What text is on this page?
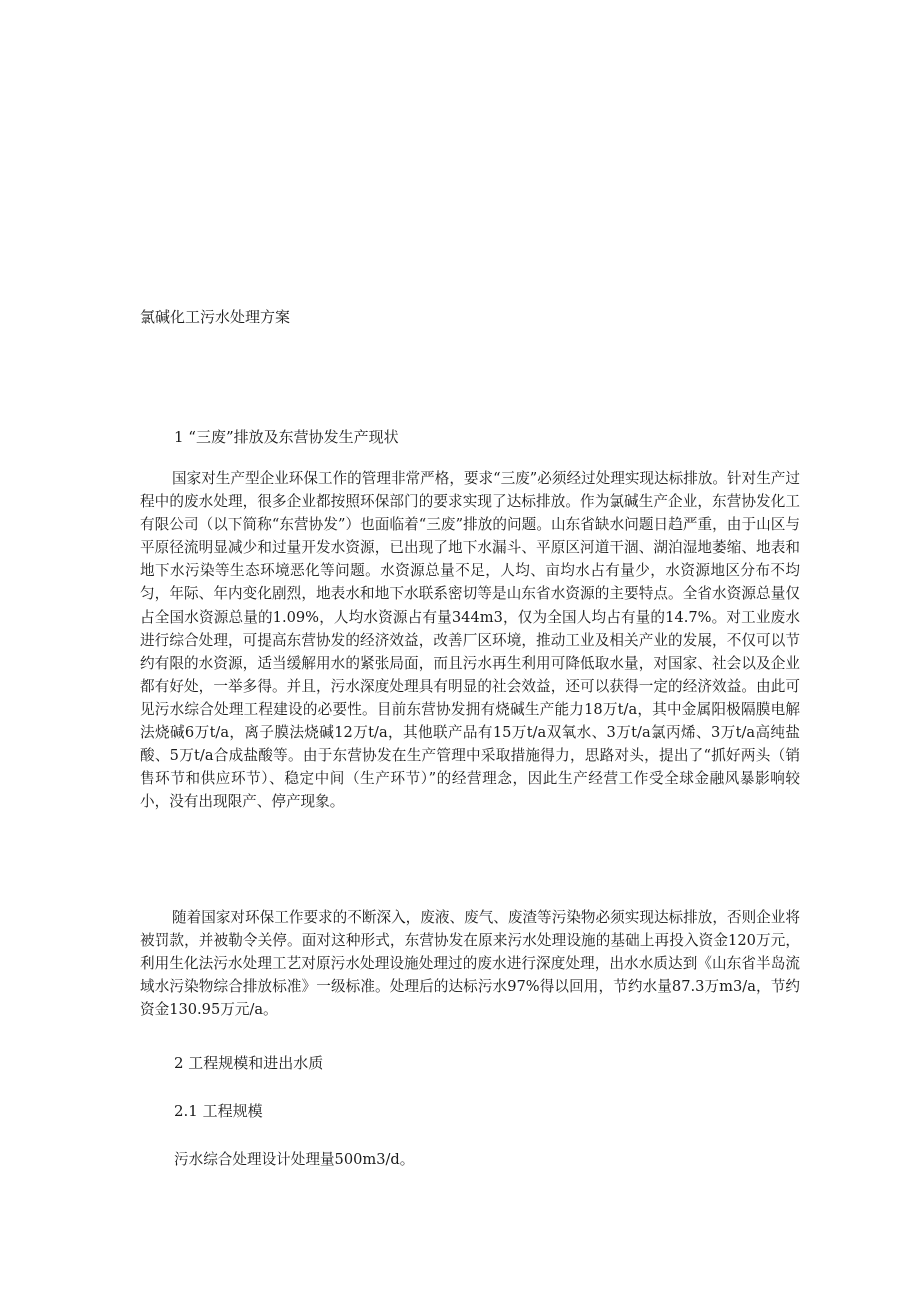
氯碱化工污水处理方案
1 “三废”排放及东营协发生产现状

国家对生产型企业环保工作的管理非常严格，要求“三废”必须经过处理实现达标排放。针对生产过程中的废水处理，很多企业都按照环保部门的要求实现了达标排放。作为氯碱生产企业，东营协发化工有限公司（以下简称“东营协发”）也面临着“三废”排放的问题。山东省缺水问题日趋严重，由于山区与平原径流明显减少和过量开发水资源，已出现了地下水漏斗、平原区河道干涸、湖泊湿地萎缩、地表和地下水污染等生态环境恶化等问题。水资源总量不足，人均、亩均水占有量少，水资源地区分布不均匀，年际、年内变化剧烈，地表水和地下水联系密切等是山东省水资源的主要特点。全省水资源总量仅占全国水资源总量的1.09%，人均水资源占有量344m3，仅为全国人均占有量的14.7%。对工业废水进行综合处理，可提高东营协发的经济效益，改善厂区环境，推动工业及相关产业的发展，不仅可以节约有限的水资源，适当缓解用水的紧张局面，而且污水再生利用可降低取水量，对国家、社会以及企业都有好处，一举多得。并且，污水深度处理具有明显的社会效益，还可以获得一定的经济效益。由此可见污水综合处理工程建设的必要性。目前东营协发拥有烧碱生产能力18万t/a，其中金属阳极隔膜电解法烧碱6万t/a，离子膜法烧碱12万t/a，其他联产品有15万t/a双氧水、3万t/a氯丙烯、3万t/a高纯盐酸、5万t/a合成盐酸等。由于东营协发在生产管理中采取措施得力，思路对头，提出了“抓好两头（销售环节和供应环节）、稳定中间（生产环节）”的经营理念，因此生产经营工作受全球金融风暴影响较小，没有出现限产、停产现象。

随着国家对环保工作要求的不断深入，废液、废气、废渣等污染物必须实现达标排放，否则企业将被罚款，并被勒令关停。面对这种形式，东营协发在原来污水处理设施的基础上再投入资金120万元，利用生化法污水处理工艺对原污水处理设施处理过的废水进行深度处理，出水水质达到《山东省半岛流域水污染物综合排放标准》一级标准。处理后的达标污水97%得以回用，节约水量87.3万m3/a，节约资金130.95万元/a。

2 工程规模和进出水质
2.1 工程规模

污水综合处理设计处理量500m3/d。
